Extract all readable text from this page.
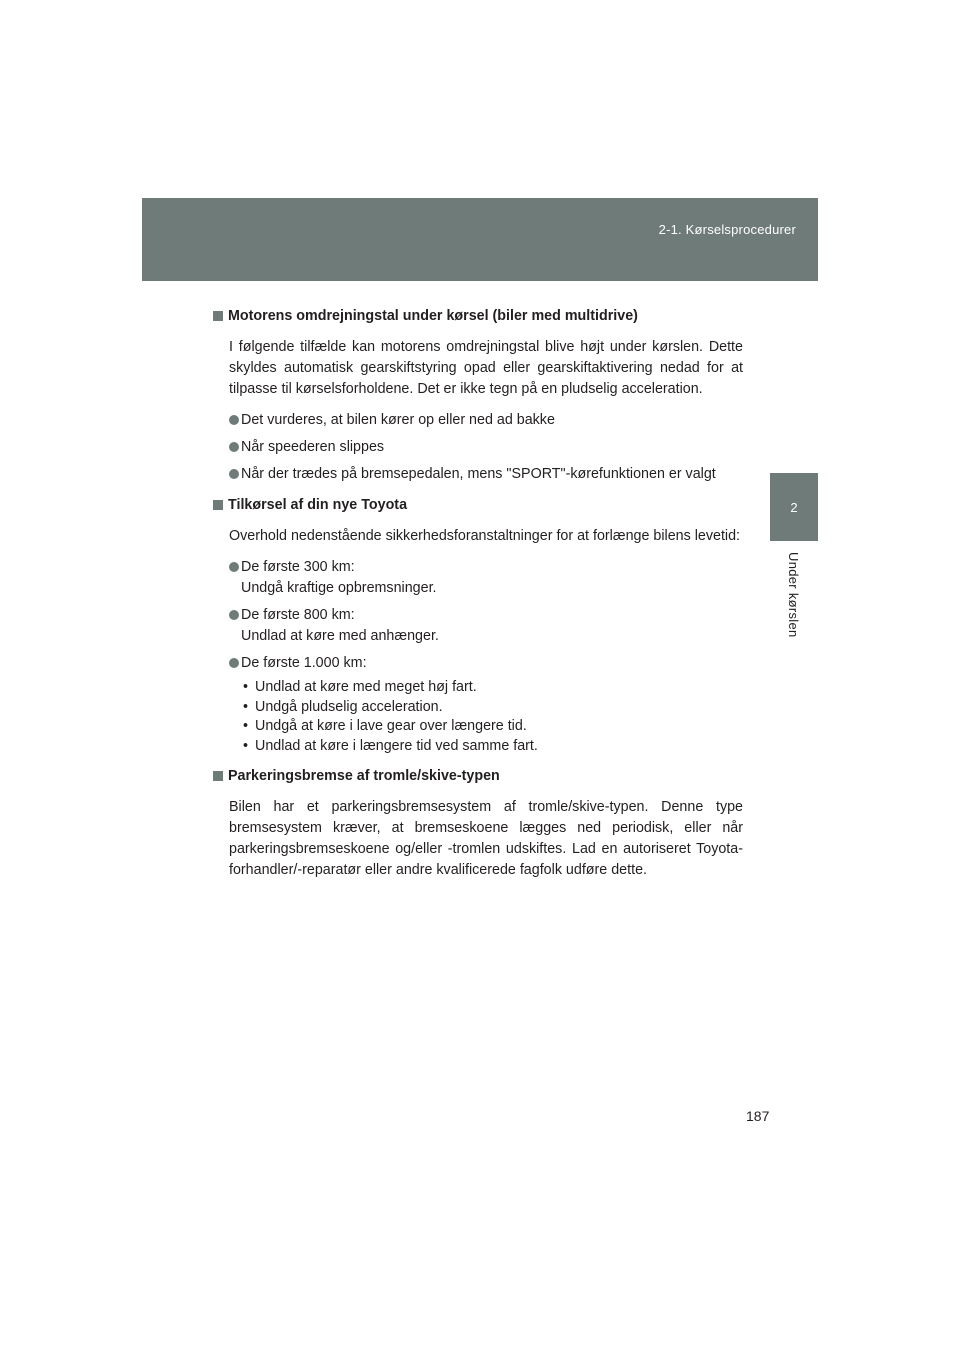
2-1. Kørselsprocedurer
2
Under kørslen
Motorens omdrejningstal under kørsel (biler med multidrive)
I følgende tilfælde kan motorens omdrejningstal blive højt under kørslen. Dette skyldes automatisk gearskiftstyring opad eller gearskiftaktivering nedad for at tilpasse til kørselsforholdene. Det er ikke tegn på en pludselig acceleration.
Det vurderes, at bilen kører op eller ned ad bakke
Når speederen slippes
Når der trædes på bremsepedalen, mens "SPORT"-kørefunktionen er valgt
Tilkørsel af din nye Toyota
Overhold nedenstående sikkerhedsforanstaltninger for at forlænge bilens levetid:
De første 300 km:
Undgå kraftige opbremsninger.
De første 800 km:
Undlad at køre med anhænger.
De første 1.000 km:
• Undlad at køre med meget høj fart.
• Undgå pludselig acceleration.
• Undgå at køre i lave gear over længere tid.
• Undlad at køre i længere tid ved samme fart.
Parkeringsbremse af tromle/skive-typen
Bilen har et parkeringsbremsesystem af tromle/skive-typen. Denne type bremsesystem kræver, at bremseskoene lægges ned periodisk, eller når parkeringsbremseskoene og/eller -tromlen udskiftes. Lad en autoriseret Toyota-forhandler/-reparatør eller andre kvalificerede fagfolk udføre dette.
187
